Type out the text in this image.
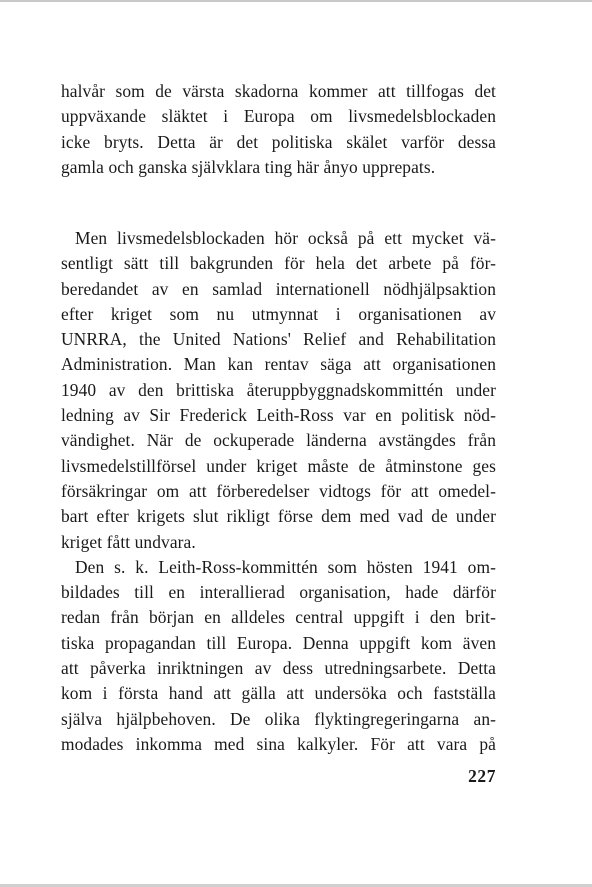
halvår som de värsta skadorna kommer att tillfogas det
uppväxande släktet i Europa om livsmedelsblockaden
icke bryts. Detta är det politiska skälet varför dessa
gamla och ganska självklara ting här ånyo upprepats.
Men livsmedelsblockaden hör också på ett mycket vä-
sentligt sätt till bakgrunden för hela det arbete på för-
beredandet av en samlad internationell nödhjälpsaktion
efter kriget som nu utmynnat i organisationen av
UNRRA, the United Nations' Relief and Rehabilitation
Administration. Man kan rentav säga att organisationen
1940 av den brittiska återuppbyggnadskommittén under
ledning av Sir Frederick Leith-Ross var en politisk nöd-
vändighet. När de ockuperade länderna avstängdes från
livsmedelstillförsel under kriget måste de åtminstone ges
försäkringar om att förberedelser vidtogs för att omedel-
bart efter krigets slut rikligt förse dem med vad de under
kriget fått undvara.
Den s. k. Leith-Ross-kommittén som hösten 1941 om-
bildades till en interallierad organisation, hade därför
redan från början en alldeles central uppgift i den brit-
tiska propagandan till Europa. Denna uppgift kom även
att påverka inriktningen av dess utredningsarbete. Detta
kom i första hand att gälla att undersöka och fastställa
själva hjälpbehoven. De olika flyktingregeringarna an-
modades inkomma med sina kalkyler. För att vara på
227
